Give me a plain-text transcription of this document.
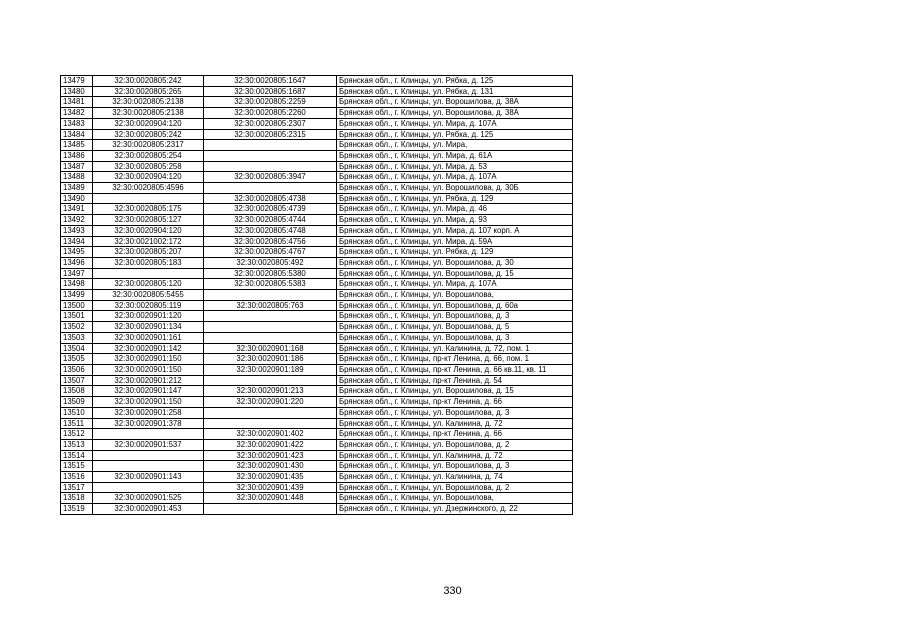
13479	32:30:0020805:242	32:30:0020805:1647	Брянская обл., г. Клинцы, ул. Рябка, д. 125
13480	32:30:0020805:265	32:30:0020805:1687	Брянская обл., г. Клинцы, ул. Рябка, д. 131
13481	32:30:0020805:2138	32:30:0020805:2259	Брянская обл., г. Клинцы, ул. Ворошилова, д. 38А
13482	32:30:0020805:2138	32:30:0020805:2260	Брянская обл., г. Клинцы, ул. Ворошилова, д. 38А
13483	32:30:0020904:120	32:30:0020805:2307	Брянская обл., г. Клинцы, ул. Мира, д. 107А
13484	32:30:0020805:242	32:30:0020805:2315	Брянская обл., г. Клинцы, ул. Рябка, д. 125
13485	32:30:0020805:2317		Брянская обл., г. Клинцы, ул. Мира,
13486	32:30:0020805:254		Брянская обл., г. Клинцы, ул. Мира, д. 61А
13487	32:30:0020805:258		Брянская обл., г. Клинцы, ул. Мира, д. 53
13488	32:30:0020904:120	32:30:0020805:3947	Брянская обл., г. Клинцы, ул. Мира, д. 107А
13489	32:30:0020805:4596		Брянская обл., г. Клинцы, ул. Ворошилова, д. 30Б
13490		32:30:0020805:4738	Брянская обл., г. Клинцы, ул. Рябка, д. 129
13491	32:30:0020805:175	32:30:0020805:4739	Брянская обл., г. Клинцы, ул. Мира, д. 46
13492	32:30:0020805:127	32:30:0020805:4744	Брянская обл., г. Клинцы, ул. Мира, д. 93
13493	32:30:0020904:120	32:30:0020805:4748	Брянская обл., г. Клинцы, ул. Мира, д. 107 корп. А
13494	32:30:0021002:172	32:30:0020805:4756	Брянская обл., г. Клинцы, ул. Мира, д. 59А
13495	32:30:0020805:207	32:30:0020805:4767	Брянская обл., г. Клинцы, ул. Рябка, д. 129
13496	32:30:0020805:183	32:30:0020805:492	Брянская обл., г. Клинцы, ул. Ворошилова, д. 30
13497		32:30:0020805:5380	Брянская обл., г. Клинцы, ул. Ворошилова, д. 15
13498	32:30:0020805:120	32:30:0020805:5383	Брянская обл., г. Клинцы, ул. Мира, д. 107А
13499	32:30:0020805:5455		Брянская обл., г. Клинцы, ул. Ворошилова,
13500	32:30:0020805:119	32:30:0020805:763	Брянская обл., г. Клинцы, ул. Ворошилова, д. 60а
13501	32:30:0020901:120		Брянская обл., г. Клинцы, ул. Ворошилова, д. 3
13502	32:30:0020901:134		Брянская обл., г. Клинцы, ул. Ворошилова, д. 5
13503	32:30:0020901:161		Брянская обл., г. Клинцы, ул. Ворошилова, д. 3
13504	32:30:0020901:142	32:30:0020901:168	Брянская обл., г. Клинцы, ул. Калинина, д. 72, пом. 1
13505	32:30:0020901:150	32:30:0020901:186	Брянская обл., г. Клинцы, пр-кт Ленина, д. 66, пом. 1
13506	32:30:0020901:150	32:30:0020901:189	Брянская обл., г. Клинцы, пр-кт Ленина, д. 66 кв.11, кв. 11
13507	32:30:0020901:212		Брянская обл., г. Клинцы, пр-кт Ленина, д. 54
13508	32:30:0020901:147	32:30:0020901:213	Брянская обл., г. Клинцы, ул. Ворошилова, д. 15
13509	32:30:0020901:150	32:30:0020901:220	Брянская обл., г. Клинцы, пр-кт Ленина, д. 66
13510	32:30:0020901:258		Брянская обл., г. Клинцы, ул. Ворошилова, д. 3
13511	32:30:0020901:378		Брянская обл., г. Клинцы, ул. Калинина, д. 72
13512		32:30:0020901:402	Брянская обл., г. Клинцы, пр-кт Ленина, д. 66
13513	32:30:0020901:537	32:30:0020901:422	Брянская обл., г. Клинцы, ул. Ворошилова, д. 2
13514		32:30:0020901:423	Брянская обл., г. Клинцы, ул. Калинина, д. 72
13515		32:30:0020901:430	Брянская обл., г. Клинцы, ул. Ворошилова, д. 3
13516	32:30:0020901:143	32:30:0020901:435	Брянская обл., г. Клинцы, ул. Калинина, д. 74
13517		32:30:0020901:439	Брянская обл., г. Клинцы, ул. Ворошилова, д. 2
13518	32:30:0020901:525	32:30:0020901:448	Брянская обл., г. Клинцы, ул. Ворошилова,
13519	32:30:0020901:453		Брянская обл., г. Клинцы, ул. Дзержинского, д. 22
330
